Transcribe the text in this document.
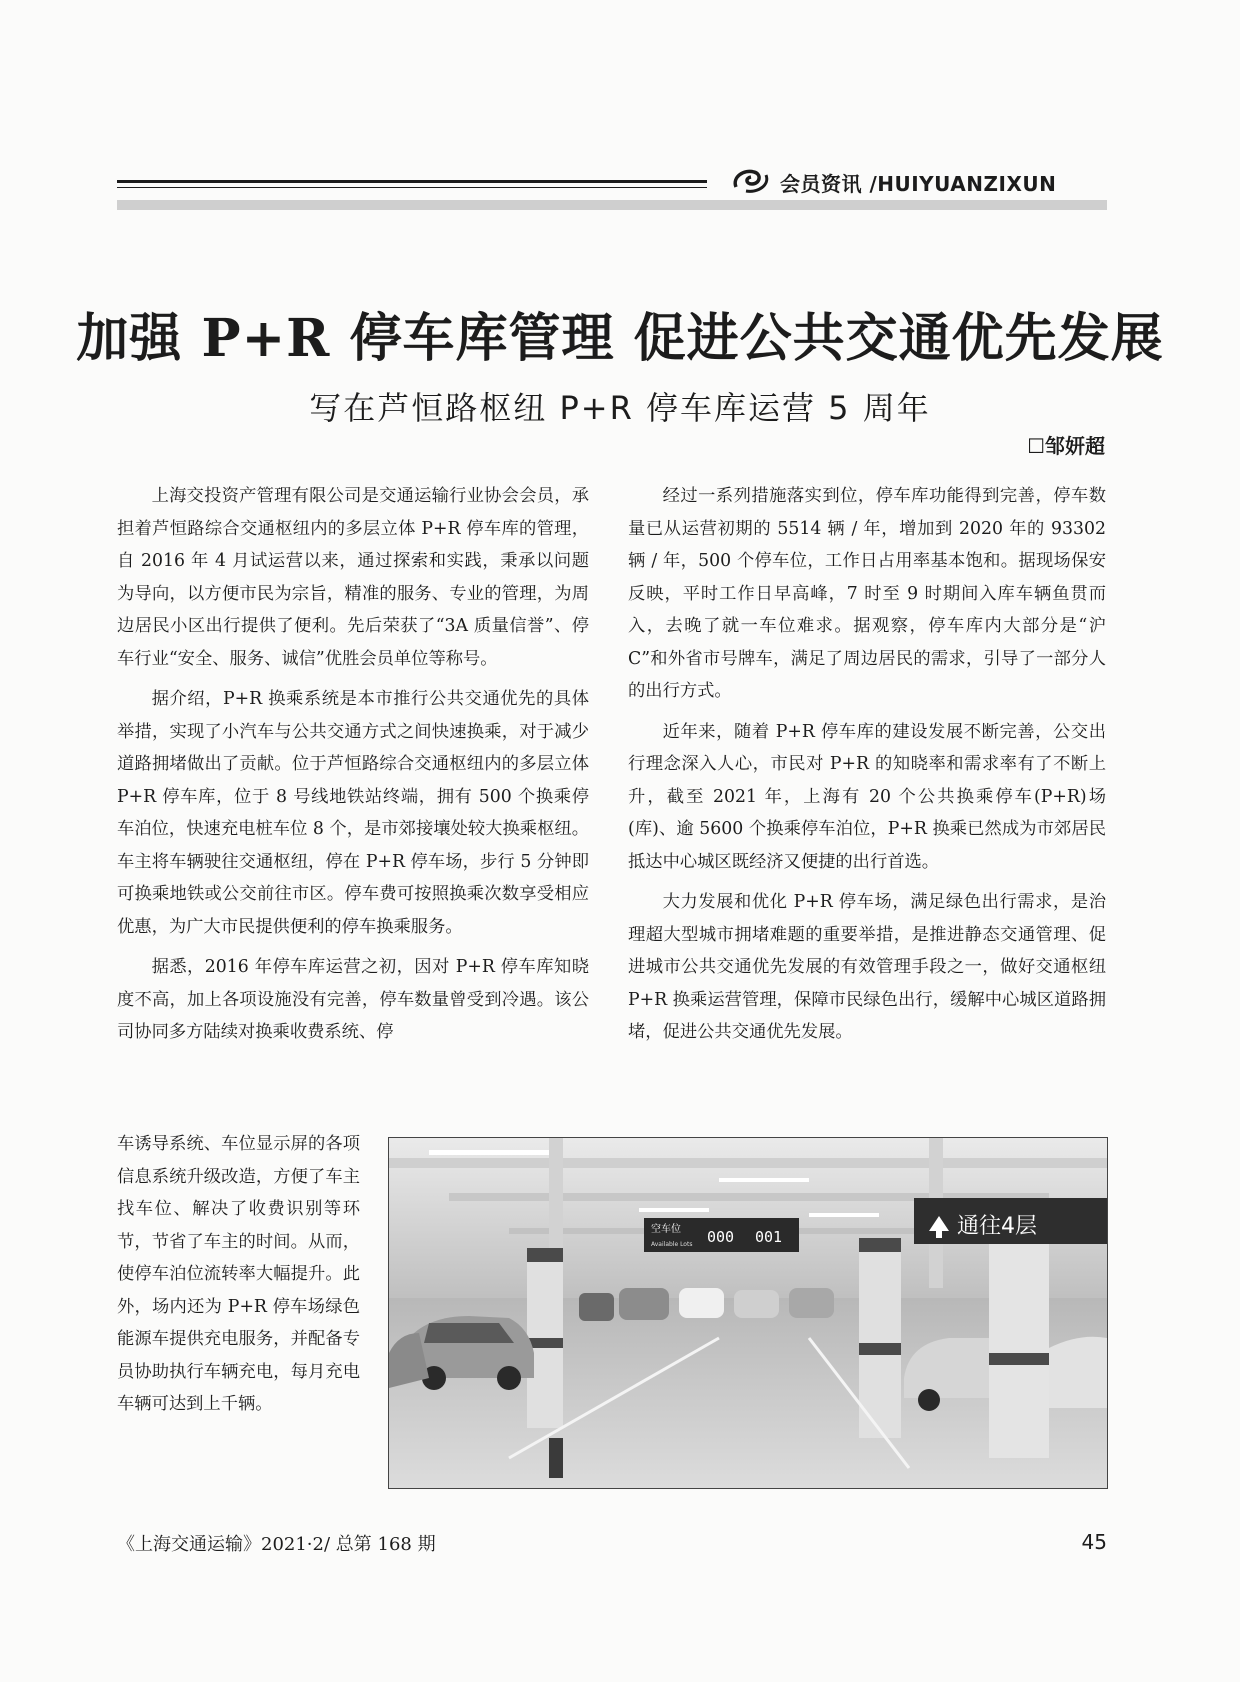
会员资讯 /HUIYUANZIXUN
加强 P+R 停车库管理 促进公共交通优先发展
写在芦恒路枢纽 P+R 停车库运营 5 周年
☐邹妍超

上海交投资产管理有限公司是交通运输行业协会会员，承担着芦恒路综合交通枢纽内的多层立体 P+R 停车库的管理，自 2016 年 4 月试运营以来，通过探索和实践，秉承以问题为导向，以方便市民为宗旨，精准的服务、专业的管理，为周边居民小区出行提供了便利。先后荣获了“3A 质量信誉”、停车行业“安全、服务、诚信”优胜会员单位等称号。

据介绍，P+R 换乘系统是本市推行公共交通优先的具体举措，实现了小汽车与公共交通方式之间快速换乘，对于减少道路拥堵做出了贡献。位于芦恒路综合交通枢纽内的多层立体 P+R 停车库，位于 8 号线地铁站终端，拥有 500 个换乘停车泊位，快速充电桩车位 8 个，是市郊接壤处较大换乘枢纽。车主将车辆驶往交通枢纽，停在 P+R 停车场，步行 5 分钟即可换乘地铁或公交前往市区。停车费可按照换乘次数享受相应优惠，为广大市民提供便利的停车换乘服务。

据悉，2016 年停车库运营之初，因对 P+R 停车库知晓度不高，加上各项设施没有完善，停车数量曾受到冷遇。该公司协同多方陆续对换乘收费系统、停

车诱导系统、车位显示屏的各项信息系统升级改造，方便了车主找车位、解决了收费识别等环节，节省了车主的时间。从而，使停车泊位流转率大幅提升。此外，场内还为 P+R 停车场绿色能源车提供充电服务，并配备专员协助执行车辆充电，每月充电车辆可达到上千辆。

经过一系列措施落实到位，停车库功能得到完善，停车数量已从运营初期的 5514 辆 / 年，增加到 2020 年的 93302 辆 / 年，500 个停车位，工作日占用率基本饱和。据现场保安反映，平时工作日早高峰，7 时至 9 时期间入库车辆鱼贯而入，去晚了就一车位难求。据观察，停车库内大部分是“沪 C”和外省市号牌车，满足了周边居民的需求，引导了一部分人的出行方式。

近年来，随着 P+R 停车库的建设发展不断完善，公交出行理念深入人心，市民对 P+R 的知晓率和需求率有了不断上升，截至 2021 年，上海有 20 个公共换乘停车(P+R)场(库)、逾 5600 个换乘停车泊位，P+R 换乘已然成为市郊居民抵达中心城区既经济又便捷的出行首选。

大力发展和优化 P+R 停车场，满足绿色出行需求，是治理超大型城市拥堵难题的重要举措，是推进静态交通管理、促进城市公共交通优先发展的有效管理手段之一，做好交通枢纽 P+R 换乘运营管理，保障市民绿色出行，缓解中心城区道路拥堵，促进公共交通优先发展。

空车位
Available Lots 000 001	通往4层
《上海交通运输》2021·2/ 总第 168 期	45
